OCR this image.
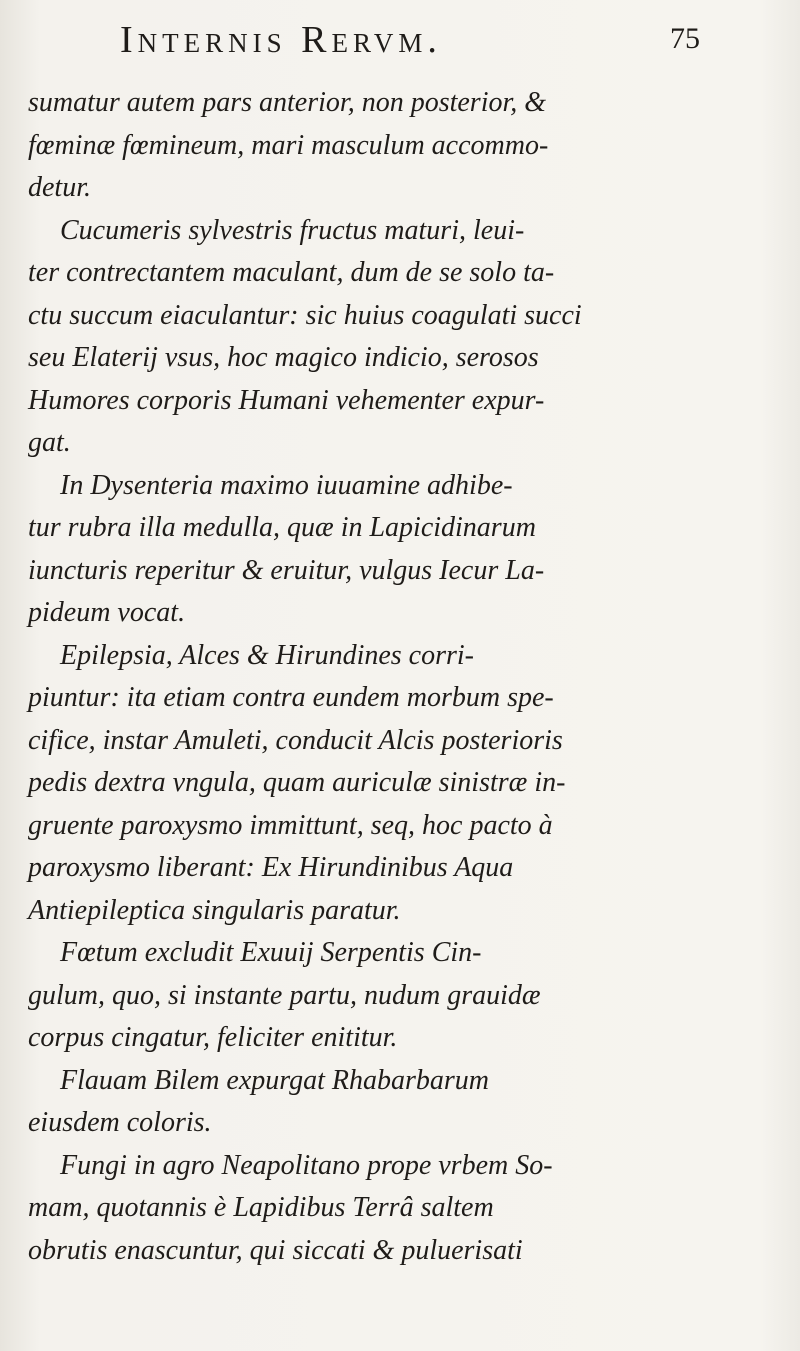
Internis Rervm.	75
sumatur autem pars anterior, non posterior, &
fœminæ fœmineum, mari masculum accommo-
detur.
Cucumeris sylvestris fructus maturi, leui-
ter contrectantem maculant, dum de se solo ta-
ctu succum eiaculantur: sic huius coagulati succi
seu Elaterij vsus, hoc magico indicio, serosos
Humores corporis Humani vehementer expur-
gat.
In Dysenteria maximo iuuamine adhibe-
tur rubra illa medulla, quæ in Lapicidinarum
iuncturis reperitur & eruitur, vulgus Iecur La-
pideum vocat.
Epilepsia, Alces & Hirundines corri-
piuntur: ita etiam contra eundem morbum spe-
cifice, instar Amuleti, conducit Alcis posterioris
pedis dextra vngula, quam auriculæ sinistræ in-
gruente paroxysmo immittunt, seq, hoc pacto à
paroxysmo liberant: Ex Hirundinibus Aqua
Antiepileptica singularis paratur.
Fœtum excludit Exuuij Serpentis Cin-
gulum, quo, si instante partu, nudum grauidæ
corpus cingatur, feliciter enititur.
Flauam Bilem expurgat Rhabarbarum
eiusdem coloris.
Fungi in agro Neapolitano prope vrbem So-
mam, quotannis è Lapidibus Terrâ saltem
obrutis enascuntur, qui siccati & puluerisati
